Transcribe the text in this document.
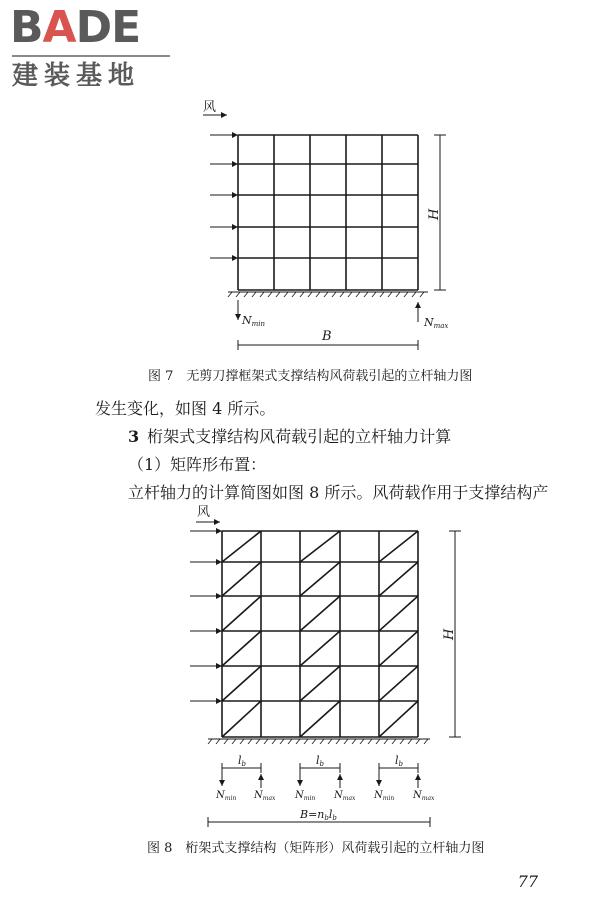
BADE
建装基地
风
H
Nmin	Nmax
B
图 7　无剪刀撑框架式支撑结构风荷载引起的立杆轴力图
发生变化，如图 4 所示。
3 桁架式支撑结构风荷载引起的立杆轴力计算
（1）矩阵形布置：
立杆轴力的计算简图如图 8 所示。风荷载作用于支撑结构产
风
H
lb	lb	lb
$N_{min}$ $N_{max}$ $N_{min}$ $N_{max}$ $N_{min}$ $N_{max}$
B=nblb
图 8　桁架式支撑结构（矩阵形）风荷载引起的立杆轴力图
77
